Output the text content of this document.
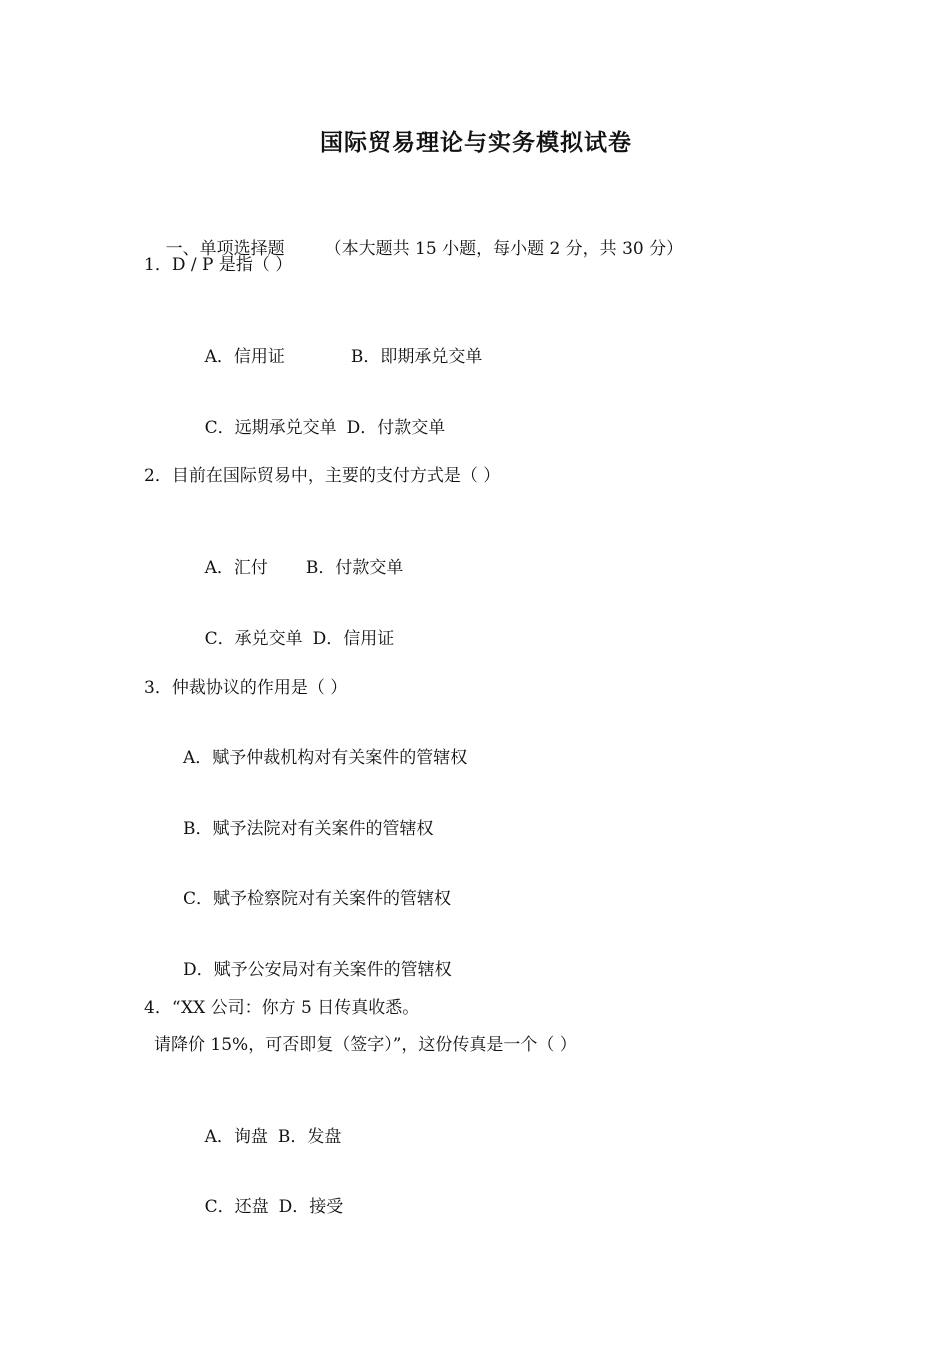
国际贸易理论与实务模拟试卷

一、单项选择题 （本大题共 15 小题，每小题 2 分，共 30 分）

1．D / P 是指（ ）

A．信用证	B．即期承兑交单

C．远期承兑交单 D．付款交单

2．目前在国际贸易中，主要的支付方式是（ ）

A．汇付 B．付款交单

C．承兑交单 D．信用证

3．仲裁协议的作用是（ ）
A．赋予仲裁机构对有关案件的管辖权
B．赋予法院对有关案件的管辖权
C．赋予检察院对有关案件的管辖权
D．赋予公安局对有关案件的管辖权
4．“XX 公司：你方 5 日传真收悉。
请降价 15%，可否即复（签字）”，这份传真是一个（ ）

A．询盘 B．发盘

C．还盘 D．接受
